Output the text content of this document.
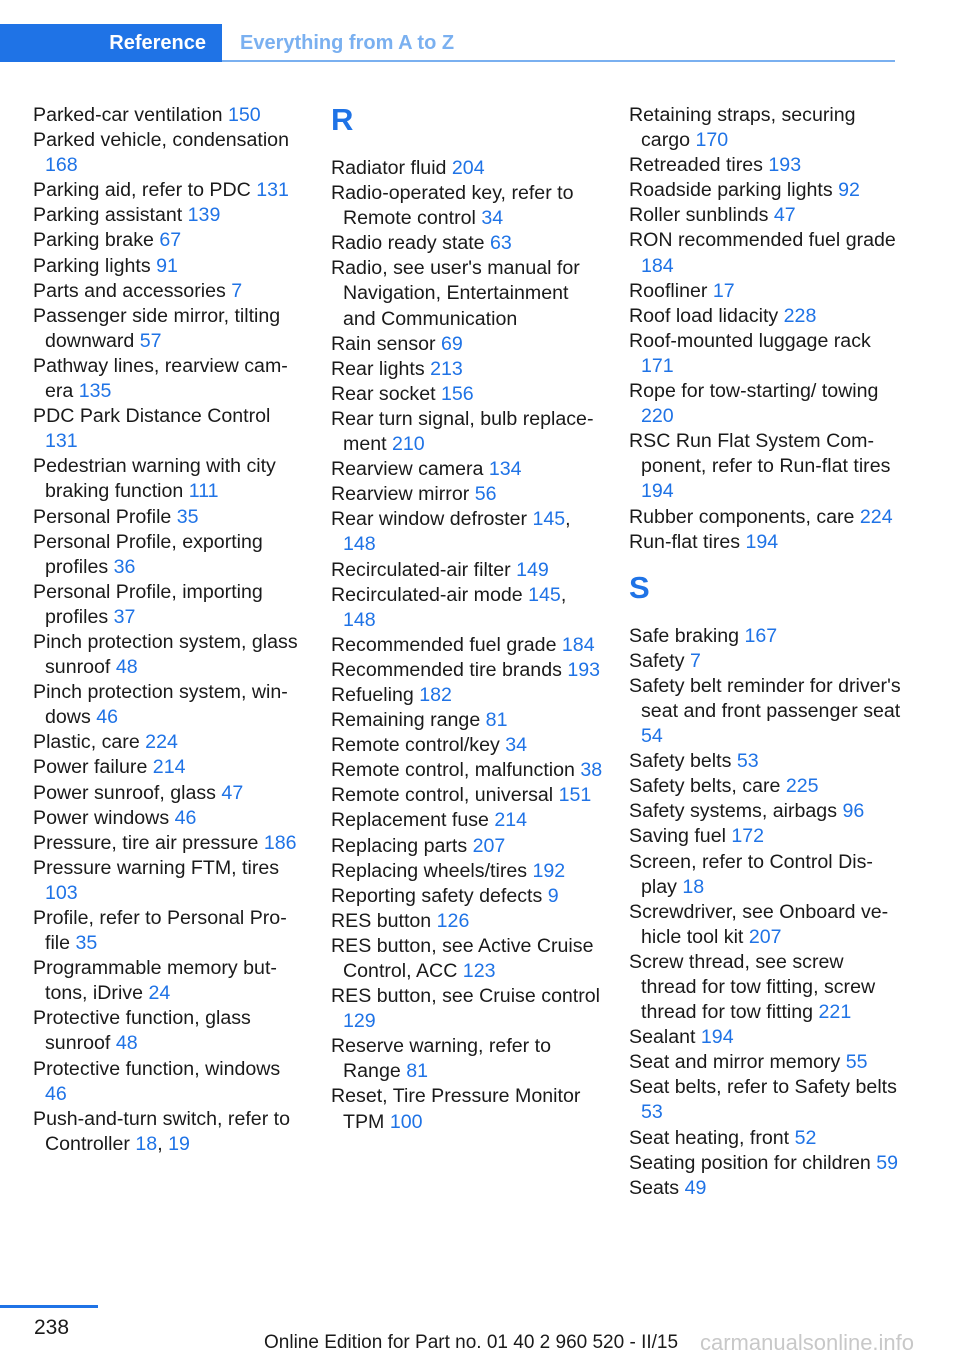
Reference	Everything from A to Z
Parked-car ventilation 150
Parked vehicle, condensation 168
Parking aid, refer to PDC 131
Parking assistant 139
Parking brake 67
Parking lights 91
Parts and accessories 7
Passenger side mirror, tilting downward 57
Pathway lines, rearview camera 135
PDC Park Distance Control 131
Pedestrian warning with city braking function 111
Personal Profile 35
Personal Profile, exporting profiles 36
Personal Profile, importing profiles 37
Pinch protection system, glass sunroof 48
Pinch protection system, windows 46
Plastic, care 224
Power failure 214
Power sunroof, glass 47
Power windows 46
Pressure, tire air pressure 186
Pressure warning FTM, tires 103
Profile, refer to Personal Profile 35
Programmable memory buttons, iDrive 24
Protective function, glass sunroof 48
Protective function, windows 46
Push-and-turn switch, refer to Controller 18, 19
R
Radiator fluid 204
Radio-operated key, refer to Remote control 34
Radio ready state 63
Radio, see user's manual for Navigation, Entertainment and Communication
Rain sensor 69
Rear lights 213
Rear socket 156
Rear turn signal, bulb replacement 210
Rearview camera 134
Rearview mirror 56
Rear window defroster 145, 148
Recirculated-air filter 149
Recirculated-air mode 145, 148
Recommended fuel grade 184
Recommended tire brands 193
Refueling 182
Remaining range 81
Remote control/key 34
Remote control, malfunction 38
Remote control, universal 151
Replacement fuse 214
Replacing parts 207
Replacing wheels/tires 192
Reporting safety defects 9
RES button 126
RES button, see Active Cruise Control, ACC 123
RES button, see Cruise control 129
Reserve warning, refer to Range 81
Reset, Tire Pressure Monitor TPM 100
Retaining straps, securing cargo 170
Retreaded tires 193
Roadside parking lights 92
Roller sunblinds 47
RON recommended fuel grade 184
Roofliner 17
Roof load lidacity 228
Roof-mounted luggage rack 171
Rope for tow-starting/ towing 220
RSC Run Flat System Component, refer to Run-flat tires 194
Rubber components, care 224
Run-flat tires 194
S
Safe braking 167
Safety 7
Safety belt reminder for driver's seat and front passenger seat 54
Safety belts 53
Safety belts, care 225
Safety systems, airbags 96
Saving fuel 172
Screen, refer to Control Display 18
Screwdriver, see Onboard vehicle tool kit 207
Screw thread, see screw thread for tow fitting, screw thread for tow fitting 221
Sealant 194
Seat and mirror memory 55
Seat belts, refer to Safety belts 53
Seat heating, front 52
Seating position for children 59
Seats 49
238
Online Edition for Part no. 01 40 2 960 520 - II/15 carmanualsonline.info
